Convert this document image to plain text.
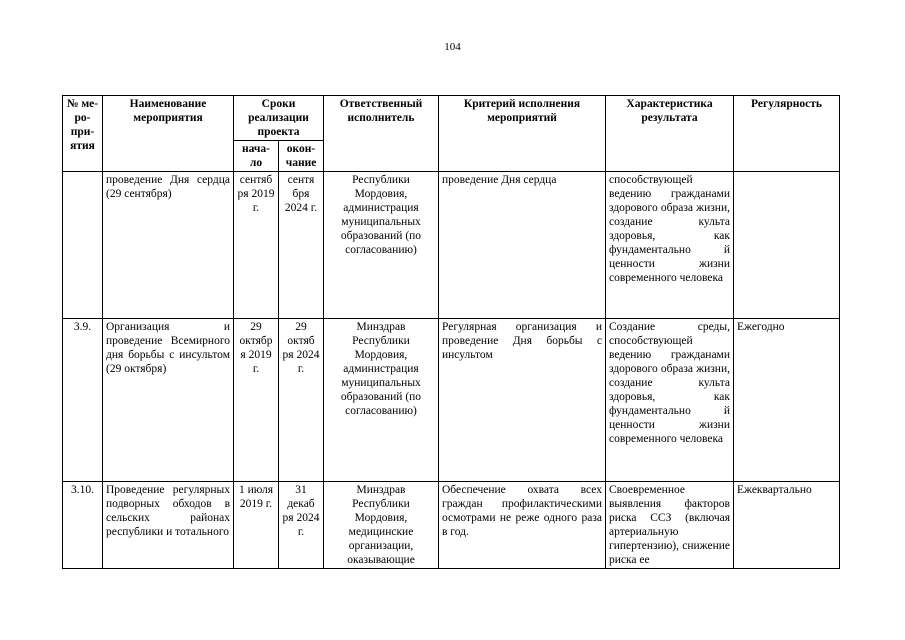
104
№ ме-ро-при-ятия	Наименование мероприятия	Сроки реализации проекта		Ответственный исполнитель	Критерий исполнения мероприятий	Характеристика результата	Регулярность
		нача-ло	окон-чание				
	проведение Дня сердца (29 сентября)	сентяб ря 2019 г.	сентя бря 2024 г.	Республики Мордовия, администрация муниципальных образований (по согласованию)	проведение Дня сердца	способствующей ведению гражданами здорового образа жизни, создание культа здоровья, как фундаментально й ценности жизни современного человека	
3.9.	Организация и проведение Всемирного дня борьбы с инсультом (29 октября)	29 октябр я 2019 г.	29 октяб ря 2024 г.	Минздрав Республики Мордовия, администрация муниципальных образований (по согласованию)	Регулярная организация и проведение Дня борьбы с инсультом	Создание среды, способствующей ведению гражданами здорового образа жизни, создание культа здоровья, как фундаментально й ценности жизни современного человека	Ежегодно
3.10.	Проведение регулярных подворных обходов в сельских районах республики и тотального	1 июля 2019 г.	31 декаб ря 2024 г.	Минздрав Республики Мордовия, медицинские организации, оказывающие	Обеспечение охвата всех граждан профилактическими осмотрами не реже одного раза в год.	Своевременное выявления факторов риска ССЗ (включая артериальную гипертензию), снижение риска ее	Ежеквартально
